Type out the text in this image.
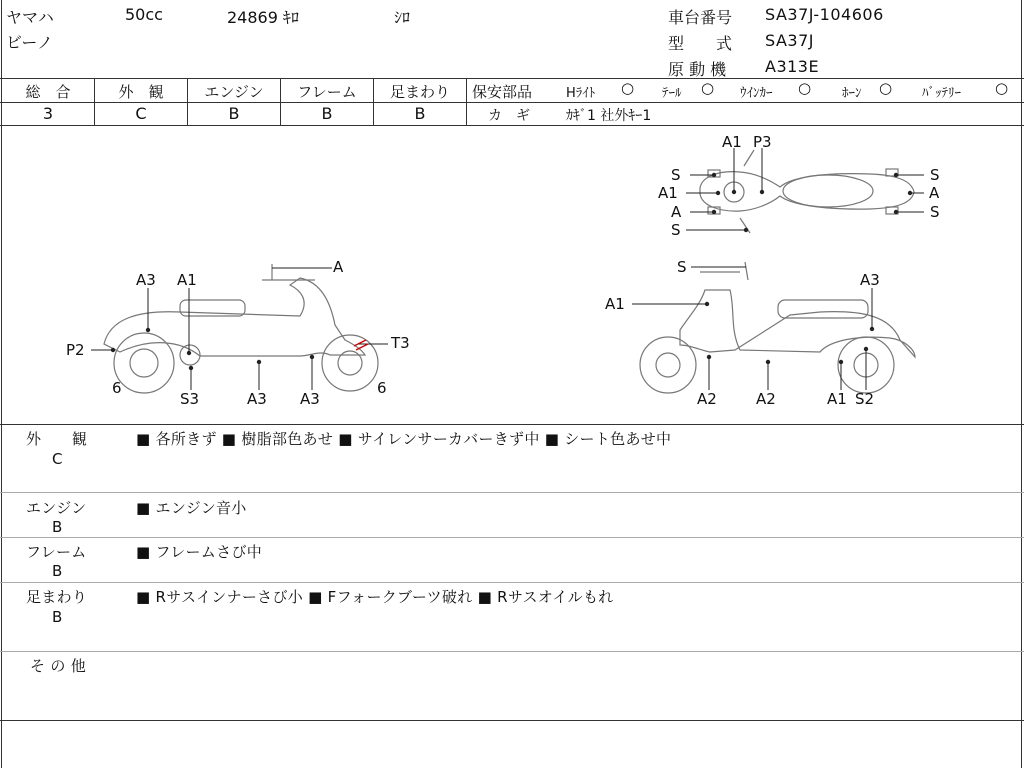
ヤマハ	50cc	24869 ｷﾛ	ｼﾛ
ビーノ
車台番号 SA37J-104606
型　　式 SA37J
原 動 機 A313E
総　合	外　観	エンジン	フレーム	足まわり
3	C	B	B	B
保安部品	Hﾗｲﾄ ○ ﾃｰﾙ ○ ｳｲﾝｶｰ ○ ﾎｰﾝ ○ ﾊﾞｯﾃﾘｰ ○
カ　ギ	ｶｷﾞ1 社外ｷｰ1
A1 P3
S	S
A1	A
A	S
S
A
A3 A1
P2	T3
6
S3	A3 A3
6
S
A3
A1
A2	A2	A1 S2
外　　観
C
■ 各所きず ■ 樹脂部色あせ ■ サイレンサーカバーきず中 ■ シート色あせ中
エンジン
B
■ エンジン音小
フレーム
B
■ フレームさび中
足まわり
B
■ Rサスインナーさび小 ■ Fフォークブーツ破れ ■ Rサスオイルもれ
そ の 他
